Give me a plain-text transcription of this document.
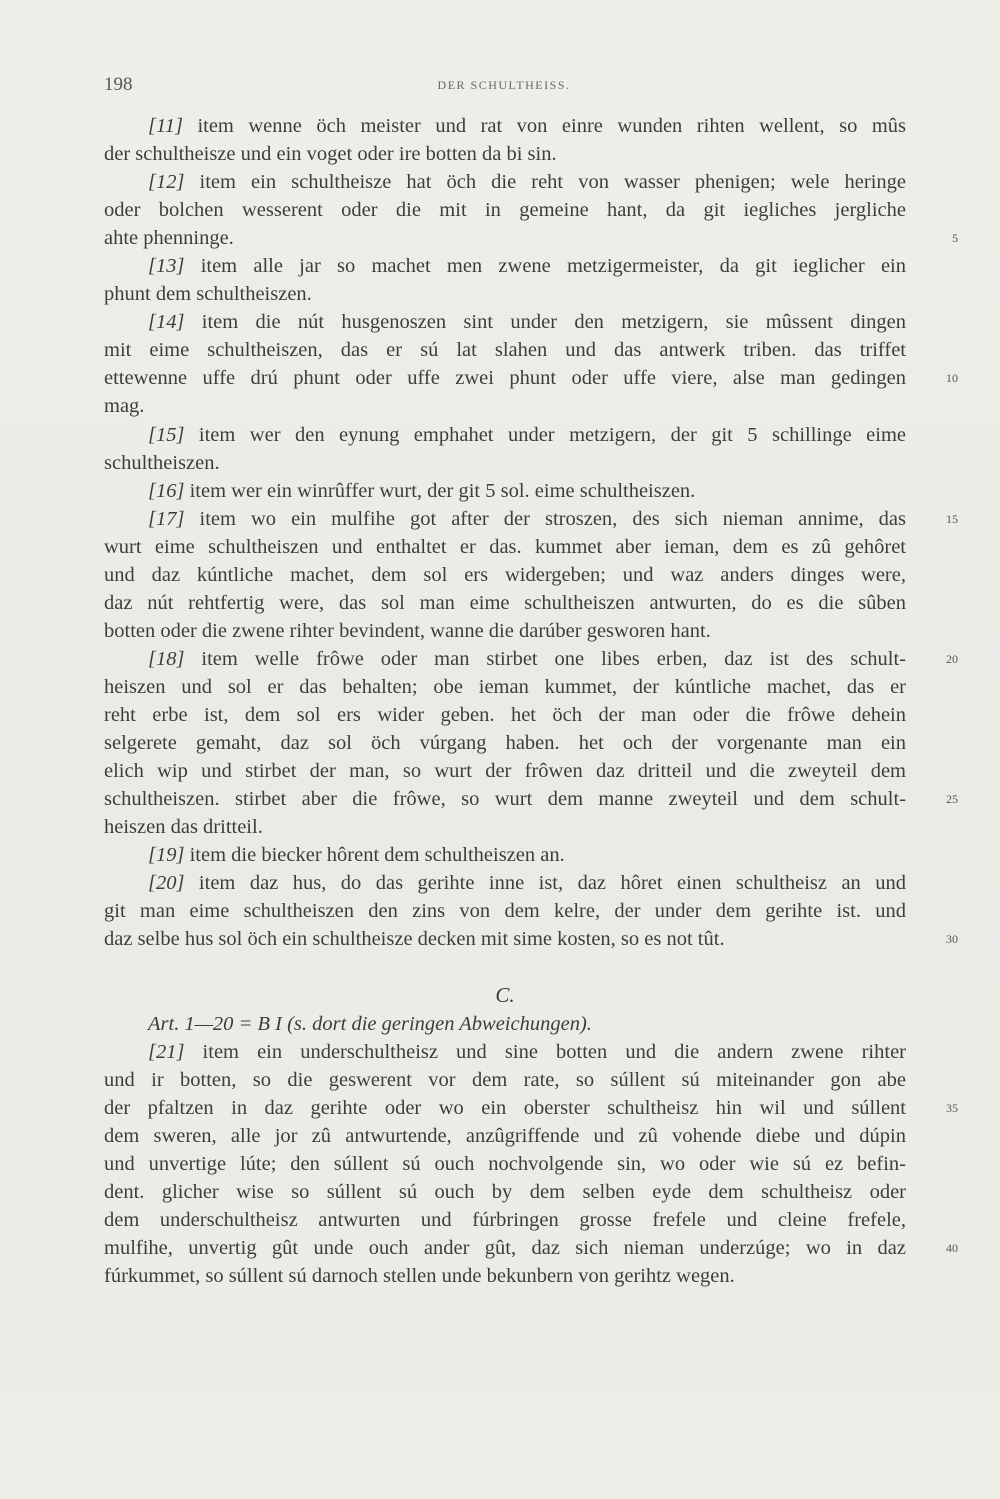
198	DER SCHULTHEISS.
[11] item wenne öch meister und rat von einre wunden rihten wellent, so mûs
der schultheisze und ein voget oder ire botten da bi sin.
[12] item ein schultheisze hat öch die reht von wasser phenigen; wele heringe
oder bolchen wesserent oder die mit in gemeine hant, da git iegliches jergliche
ahte phenninge.	5
[13] item alle jar so machet men zwene metzigermeister, da git ieglicher ein
phunt dem schultheiszen.
[14] item die nút husgenoszen sint under den metzigern, sie mûssent dingen
mit eime schultheiszen, das er sú lat slahen und das antwerk triben. das triffet
ettewenne uffe drú phunt oder uffe zwei phunt oder uffe viere, alse man gedingen	10
mag.
[15] item wer den eynung emphahet under metzigern, der git 5 schillinge eime
schultheiszen.
[16] item wer ein winrûffer wurt, der git 5 sol. eime schultheiszen.
[17] item wo ein mulfihe got after der stroszen, des sich nieman annime, das	15
wurt eime schultheiszen und enthaltet er das. kummet aber ieman, dem es zû gehôret
und daz kúntliche machet, dem sol ers widergeben; und waz anders dinges were,
daz nút rehtfertig were, das sol man eime schultheiszen antwurten, do es die sûben
botten oder die zwene rihter bevindent, wanne die darúber gesworen hant.
[18] item welle frôwe oder man stirbet one libes erben, daz ist des schult-	20
heiszen und sol er das behalten; obe ieman kummet, der kúntliche machet, das er
reht erbe ist, dem sol ers wider geben. het öch der man oder die frôwe dehein
selgerete gemaht, daz sol öch vúrgang haben. het och der vorgenante man ein
elich wip und stirbet der man, so wurt der frôwen daz dritteil und die zweyteil dem
schultheiszen. stirbet aber die frôwe, so wurt dem manne zweyteil und dem schult-	25
heiszen das dritteil.
[19] item die biecker hôrent dem schultheiszen an.
[20] item daz hus, do das gerihte inne ist, daz hôret einen schultheisz an und
git man eime schultheiszen den zins von dem kelre, der under dem gerihte ist. und
daz selbe hus sol öch ein schultheisze decken mit sime kosten, so es not tût.	30
C.
Art. 1—20 = B I (s. dort die geringen Abweichungen).
[21] item ein underschultheisz und sine botten und die andern zwene rihter
und ir botten, so die geswerent vor dem rate, so súllent sú miteinander gon abe
der pfaltzen in daz gerihte oder wo ein oberster schultheisz hin wil und súllent	35
dem sweren, alle jor zû antwurtende, anzûgriffende und zû vohende diebe und dúpin
und unvertige lúte; den súllent sú ouch nochvolgende sin, wo oder wie sú ez befin-
dent. glicher wise so súllent sú ouch by dem selben eyde dem schultheisz oder
dem underschultheisz antwurten und fúrbringen grosse frefele und cleine frefele,
mulfihe, unvertig gût unde ouch ander gût, daz sich nieman underzúge; wo in daz	40
fúrkummet, so súllent sú darnoch stellen unde bekunbern von gerihtz wegen.
